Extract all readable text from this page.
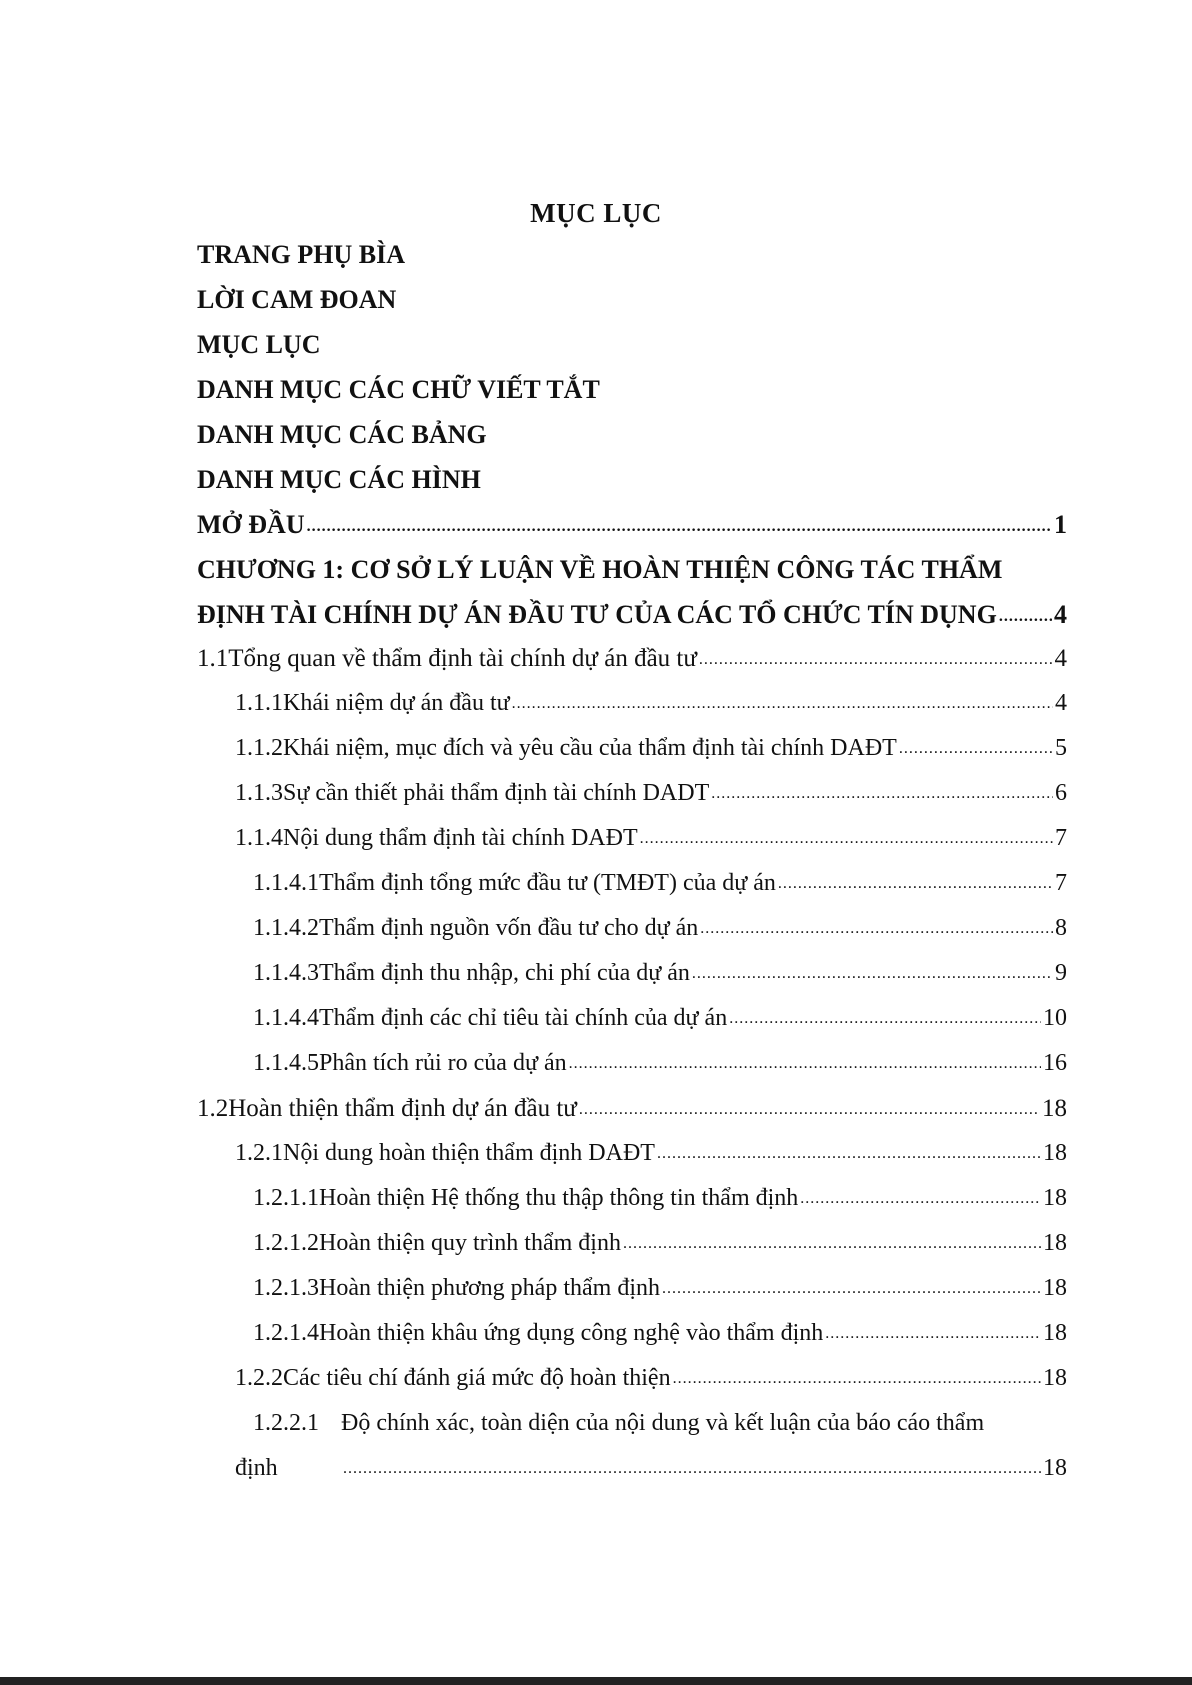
MỤC LỤC
TRANG PHỤ BÌA
LỜI CAM ĐOAN
MỤC LỤC
DANH MỤC CÁC CHỮ VIẾT TẮT
DANH MỤC CÁC BẢNG
DANH MỤC CÁC HÌNH
MỞ ĐẦU .....	1
CHƯƠNG 1: CƠ SỞ LÝ LUẬN VỀ HOÀN THIỆN CÔNG TÁC THẨM
ĐỊNH TÀI CHÍNH DỰ ÁN ĐẦU TƯ CỦA CÁC TỔ CHỨC TÍN DỤNG ..... 4
1.1 Tổng quan về thẩm định tài chính dự án đầu tư .....	4
1.1.1 Khái niệm dự án đầu tư .....	4
1.1.2 Khái niệm, mục đích và yêu cầu của thẩm định tài chính DAĐT .....	5
1.1.3 Sự cần thiết phải thẩm định tài chính DADT .....	6
1.1.4 Nội dung thẩm định tài chính DAĐT .....	7
1.1.4.1 Thẩm định tổng mức đầu tư (TMĐT) của dự án .....	7
1.1.4.2 Thẩm định nguồn vốn đầu tư cho dự án .....	8
1.1.4.3 Thẩm định thu nhập, chi phí của dự án .....	9
1.1.4.4 Thẩm định các chỉ tiêu tài chính của dự án .....	10
1.1.4.5 Phân tích rủi ro của dự án .....	16
1.2 Hoàn thiện thẩm định dự án đầu tư .....	18
1.2.1 Nội dung hoàn thiện thẩm định DAĐT .....	18
1.2.1.1 Hoàn thiện Hệ thống thu thập thông tin thẩm định .....	18
1.2.1.2 Hoàn thiện quy trình thẩm định .....	18
1.2.1.3 Hoàn thiện phương pháp thẩm định .....	18
1.2.1.4 Hoàn thiện khâu ứng dụng công nghệ vào thẩm định .....	18
1.2.2 Các tiêu chí đánh giá mức độ hoàn thiện .....	18
1.2.2.1 Độ chính xác, toàn diện của nội dung và kết luận của báo cáo thẩm
định .....	18
